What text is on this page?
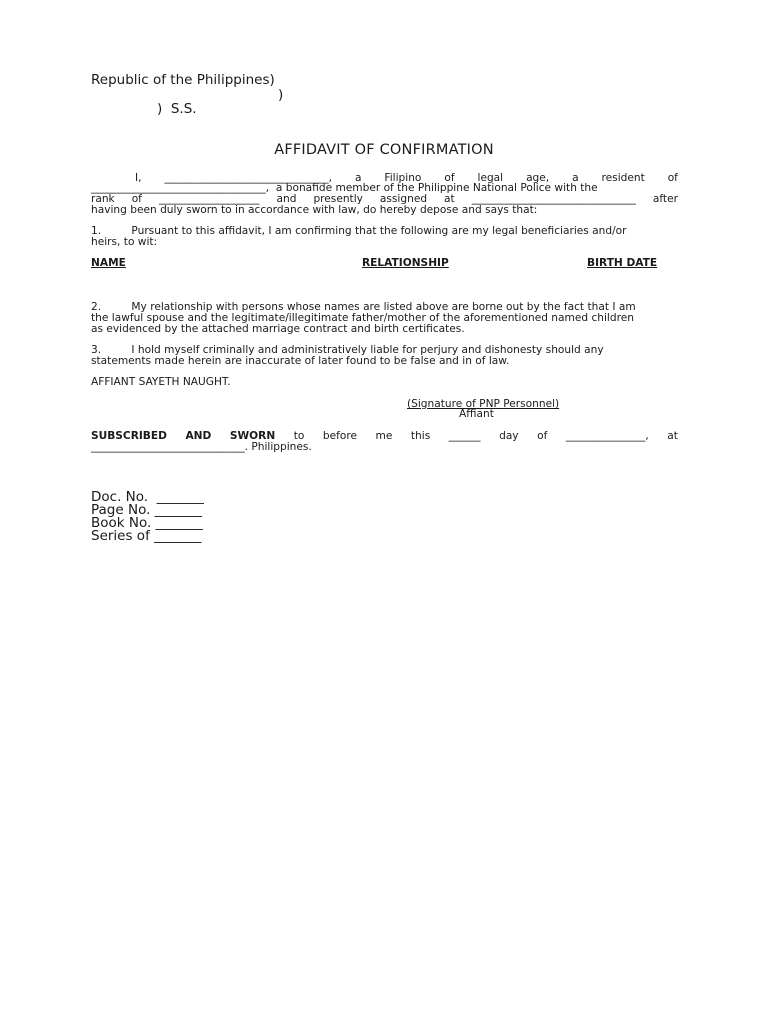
Republic of the Philippines)
)
)  S.S.
AFFIDAVIT OF CONFIRMATION
I, _______________________________, a Filipino of legal age, a resident of
_________________________________,  a bonafide member of the Philippine National Police with the
rank of ___________________ and presently assigned at _______________________________ after
having been duly sworn to in accordance with law, do hereby depose and says that:
1.         Pursuant to this affidavit, I am confirming that the following are my legal beneficiaries and/or
heirs, to wit:
NAME	RELATIONSHIP	BIRTH DATE
2.         My relationship with persons whose names are listed above are borne out by the fact that I am
the lawful spouse and the legitimate/illegitimate father/mother of the aforementioned named children
as evidenced by the attached marriage contract and birth certificates.
3.         I hold myself criminally and administratively liable for perjury and dishonesty should any
statements made herein are inaccurate of later found to be false and in of law.
AFFIANT SAYETH NAUGHT.
(Signature of PNP Personnel)
Affiant
SUBSCRIBED AND SWORN to before me this ______ day of _______________, at
_____________________________. Philippines.
Doc. No.  _______
Page No. _______
Book No. _______
Series of _______
